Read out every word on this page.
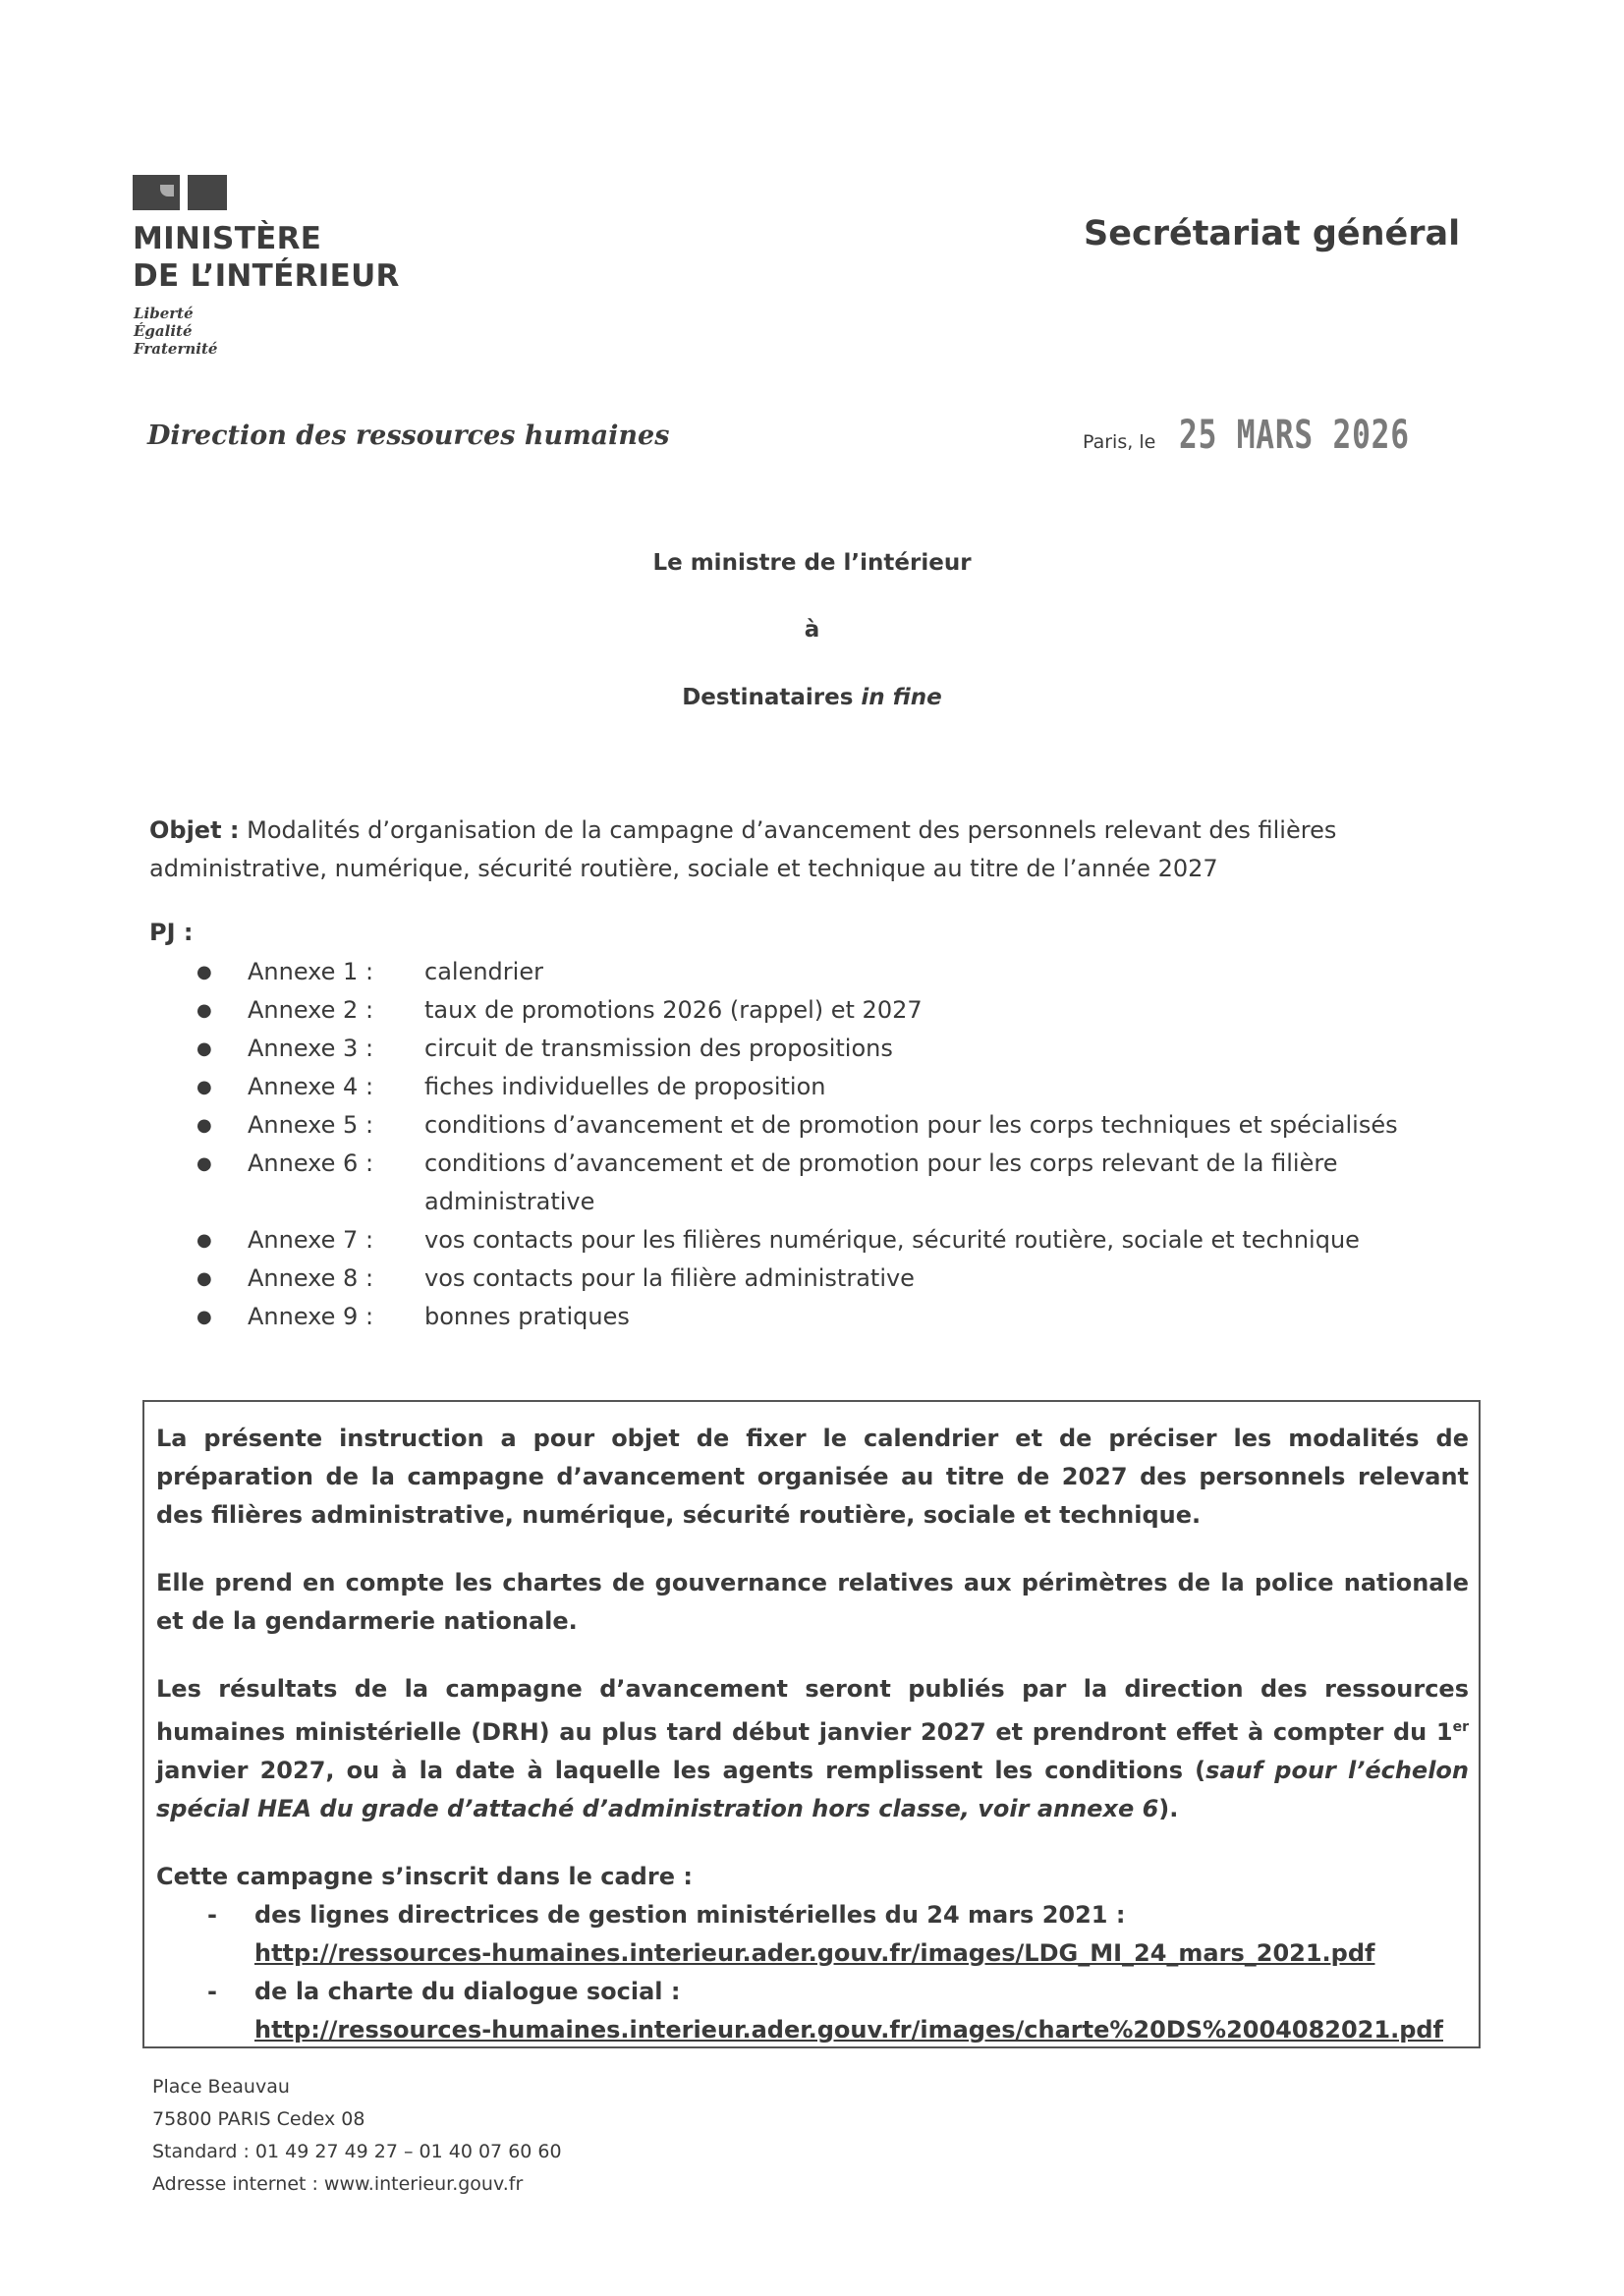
MINISTÈRE
DE L’INTÉRIEUR
Liberté
Égalité
Fraternité
Secrétariat général
Direction des ressources humaines	Paris, le 25 MARS 2026
Le ministre de l’intérieur
à
Destinataires in fine
Objet : Modalités d’organisation de la campagne d’avancement des personnels relevant des filières administrative, numérique, sécurité routière, sociale et technique au titre de l’année 2027
PJ :
●	Annexe 1 :	calendrier
●	Annexe 2 :	taux de promotions 2026 (rappel) et 2027
●	Annexe 3 :	circuit de transmission des propositions
●	Annexe 4 :	fiches individuelles de proposition
●	Annexe 5 :	conditions d’avancement et de promotion pour les corps techniques et spécialisés
●	Annexe 6 :	conditions d’avancement et de promotion pour les corps relevant de la filière administrative
●	Annexe 7 :	vos contacts pour les filières numérique, sécurité routière, sociale et technique
●	Annexe 8 :	vos contacts pour la filière administrative
●	Annexe 9 :	bonnes pratiques

La présente instruction a pour objet de fixer le calendrier et de préciser les modalités de préparation de la campagne d’avancement organisée au titre de 2027 des personnels relevant des filières administrative, numérique, sécurité routière, sociale et technique.

Elle prend en compte les chartes de gouvernance relatives aux périmètres de la police nationale et de la gendarmerie nationale.

Les résultats de la campagne d’avancement seront publiés par la direction des ressources humaines ministérielle (DRH) au plus tard début janvier 2027 et prendront effet à compter du 1er janvier 2027, ou à la date à laquelle les agents remplissent les conditions (sauf pour l’échelon spécial HEA du grade d’attaché d’administration hors classe, voir annexe 6).

Cette campagne s’inscrit dans le cadre :

-	des lignes directrices de gestion ministérielles du 24 mars 2021 :
http://ressources-humaines.interieur.ader.gouv.fr/images/LDG_MI_24_mars_2021.pdf
-	de la charte du dialogue social :
http://ressources-humaines.interieur.ader.gouv.fr/images/charte%20DS%2004082021.pdf
Place Beauvau
75800 PARIS Cedex 08
Standard : 01 49 27 49 27 – 01 40 07 60 60
Adresse internet : www.interieur.gouv.fr
